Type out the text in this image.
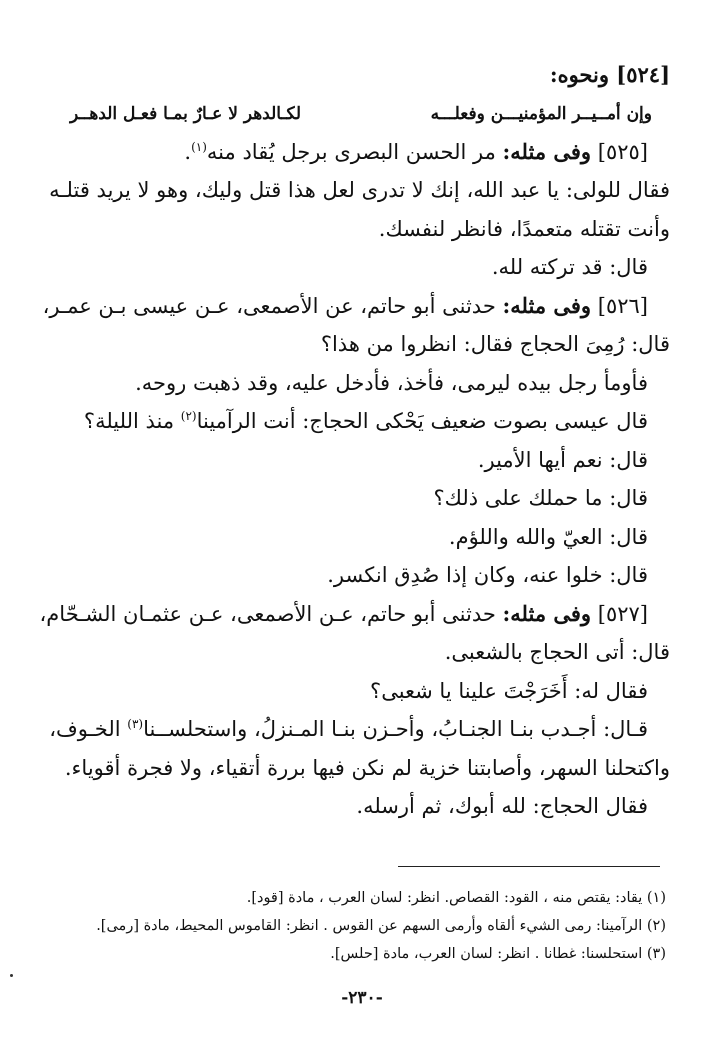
[٥٢٤] ونحوه:
وإن أمــيــر المؤمنيـــن وفعلـــه
لكـالدهر لا عـارٌ بمـا فعـل الدهــر
[٥٢٥] وفى مثله: مر الحسن البصرى برجل يُقاد منه$^{(١)}$.
فقال للولى: يا عبد الله، إنك لا تدرى لعل هذا قتل وليك، وهو لا يريد قتلـه
وأنت تقتله متعمدًا، فانظر لنفسك.
قال: قد تركته لله.
[٥٢٦] وفى مثله: حدثنى أبو حاتم، عن الأصمعى، عـن عيسى بـن عمـر،
قال: رُمِىَ الحجاج فقال: انظروا من هذا؟
فأومأ رجل بيده ليرمى، فأخذ، فأدخل عليه، وقد ذهبت روحه.
قال عيسى بصوت ضعيف يَحْكى الحجاج: أنت الرآمينا$^{(٢)}$ منذ الليلة؟
قال: نعم أيها الأمير.
قال: ما حملك على ذلك؟
قال: العيّ والله واللؤم.
قال: خلوا عنه، وكان إذا صُدِق انكسر.
[٥٢٧] وفى مثله: حدثنى أبو حاتم، عـن الأصمعى، عـن عثمـان الشـحّام،
قال: أتى الحجاج بالشعبى.
فقال له: أَخَرَجْتَ علينا يا شعبى؟
قـال: أجـدب بنـا الجنـابُ، وأحـزن بنـا المـنزلُ، واستحلسـ‍ـنا$^{(٣)}$ الخـوف،
واكتحلنا السهر، وأصابتنا خزية لم نكن فيها بررة أتقياء، ولا فجرة أقوياء.
فقال الحجاج: لله أبوك، ثم أرسله.
(١) يقاد: يقتص منه ، القود: القصاص. انظر: لسان العرب ، مادة [قود].
(٢) الرآمينا: رمى الشيء ألقاه وأرمى السهم عن القوس . انظر: القاموس المحيط، مادة [رمى].
(٣) استحلسنا: غطانا . انظر: لسان العرب، مادة [حلس].
-٢٣٠-
